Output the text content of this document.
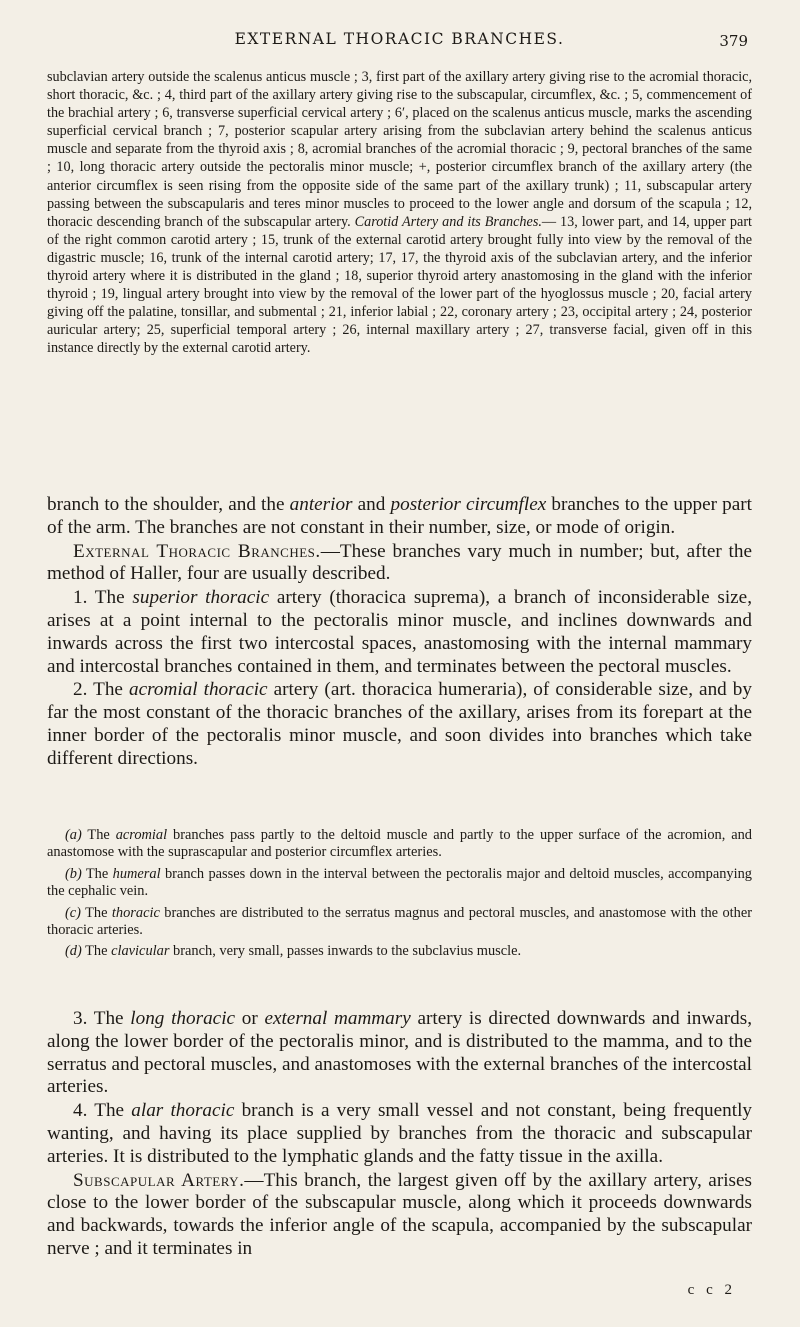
EXTERNAL THORACIC BRANCHES.	379

subclavian artery outside the scalenus anticus muscle ; 3, first part of the axillary artery giving rise to the acromial thoracic, short thoracic, &c. ; 4, third part of the axillary artery giving rise to the subscapular, circumflex, &c. ; 5, commencement of the brachial artery ; 6, transverse superficial cervical artery ; 6′, placed on the scalenus anticus muscle, marks the ascending superficial cervical branch ; 7, posterior scapular artery arising from the subclavian artery behind the scalenus anticus muscle and separate from the thyroid axis ; 8, acromial branches of the acromial thoracic ; 9, pectoral branches of the same ; 10, long thoracic artery outside the pectoralis minor muscle; +, posterior circumflex branch of the axillary artery (the anterior circumflex is seen rising from the opposite side of the same part of the axillary trunk) ; 11, subscapular artery passing between the subscapularis and teres minor muscles to proceed to the lower angle and dorsum of the scapula ; 12, thoracic descending branch of the subscapular artery. Carotid Artery and its Branches.— 13, lower part, and 14, upper part of the right common carotid artery ; 15, trunk of the external carotid artery brought fully into view by the removal of the digastric muscle; 16, trunk of the internal carotid artery; 17, 17, the thyroid axis of the subclavian artery, and the inferior thyroid artery where it is distributed in the gland ; 18, superior thyroid artery anastomosing in the gland with the inferior thyroid ; 19, lingual artery brought into view by the removal of the lower part of the hyoglossus muscle ; 20, facial artery giving off the palatine, tonsillar, and submental ; 21, inferior labial ; 22, coronary artery ; 23, occipital artery ; 24, posterior auricular artery; 25, superficial temporal artery ; 26, internal maxillary artery ; 27, transverse facial, given off in this instance directly by the external carotid artery.

branch to the shoulder, and the anterior and posterior circumflex branches to the upper part of the arm. The branches are not constant in their number, size, or mode of origin.

External Thoracic Branches.—These branches vary much in number; but, after the method of Haller, four are usually described.

1. The superior thoracic artery (thoracica suprema), a branch of inconsiderable size, arises at a point internal to the pectoralis minor muscle, and inclines downwards and inwards across the first two intercostal spaces, anastomosing with the internal mammary and intercostal branches contained in them, and terminates between the pectoral muscles.

2. The acromial thoracic artery (art. thoracica humeraria), of considerable size, and by far the most constant of the thoracic branches of the axillary, arises from its forepart at the inner border of the pectoralis minor muscle, and soon divides into branches which take different directions.

(a) The acromial branches pass partly to the deltoid muscle and partly to the upper surface of the acromion, and anastomose with the suprascapular and posterior circumflex arteries.

(b) The humeral branch passes down in the interval between the pectoralis major and deltoid muscles, accompanying the cephalic vein.

(c) The thoracic branches are distributed to the serratus magnus and pectoral muscles, and anastomose with the other thoracic arteries.

(d) The clavicular branch, very small, passes inwards to the subclavius muscle.

3. The long thoracic or external mammary artery is directed downwards and inwards, along the lower border of the pectoralis minor, and is distributed to the mamma, and to the serratus and pectoral muscles, and anastomoses with the external branches of the intercostal arteries.

4. The alar thoracic branch is a very small vessel and not constant, being frequently wanting, and having its place supplied by branches from the thoracic and subscapular arteries. It is distributed to the lymphatic glands and the fatty tissue in the axilla.

Subscapular Artery.—This branch, the largest given off by the axillary artery, arises close to the lower border of the subscapular muscle, along which it proceeds downwards and backwards, towards the inferior angle of the scapula, accompanied by the subscapular nerve ; and it terminates in

c c 2
